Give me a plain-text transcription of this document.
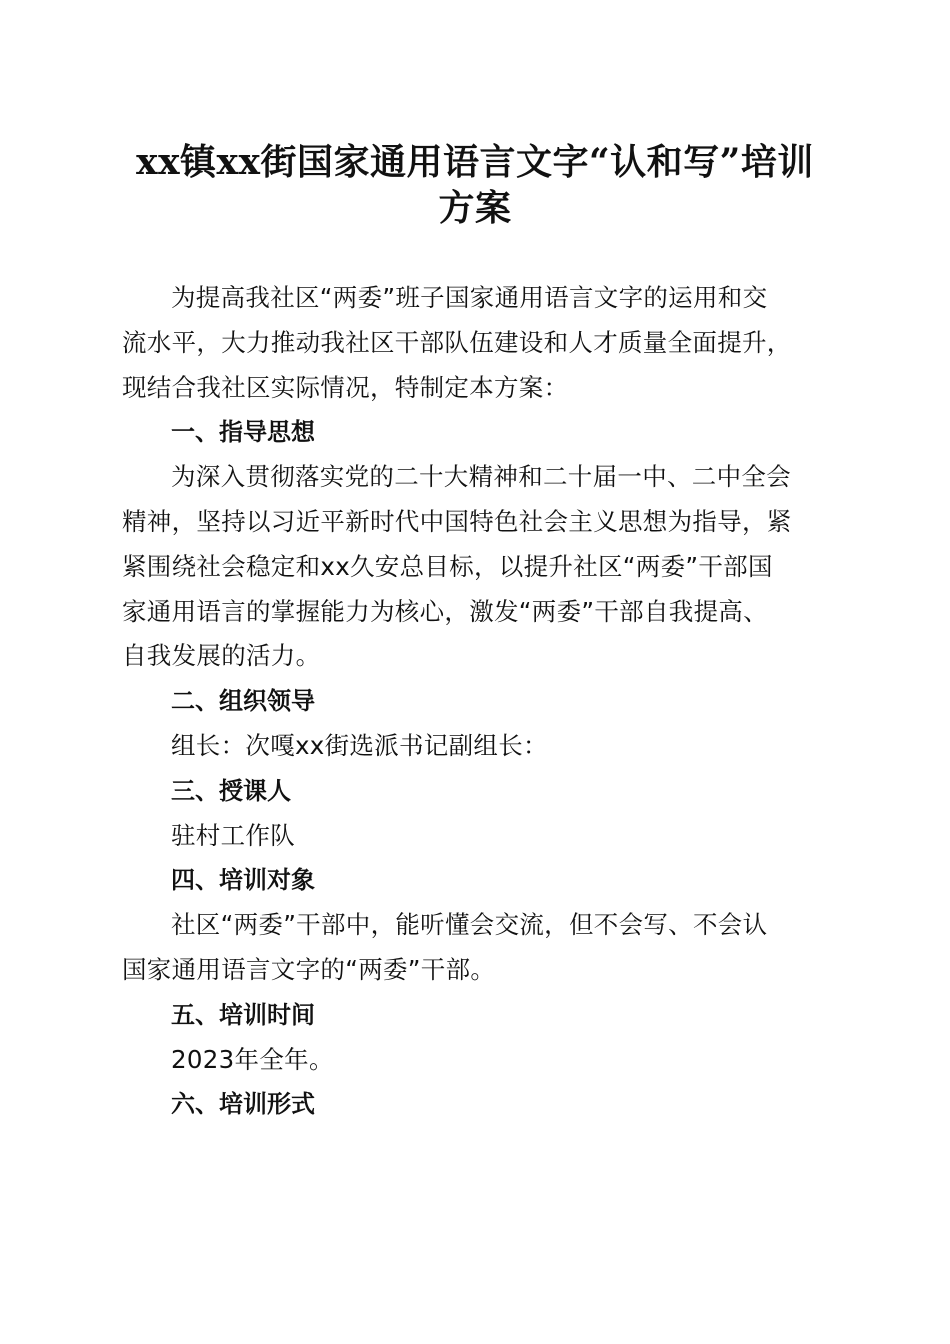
xx镇xx街国家通用语言文字“认和写”培训
方案

为提高我社区“两委”班子国家通用语言文字的运用和交
流水平，大力推动我社区干部队伍建设和人才质量全面提升，
现结合我社区实际情况，特制定本方案：

一、指导思想

为深入贯彻落实党的二十大精神和二十届一中、二中全会
精神，坚持以习近平新时代中国特色社会主义思想为指导，紧
紧围绕社会稳定和xx久安总目标，以提升社区“两委”干部国
家通用语言的掌握能力为核心，激发“两委”干部自我提高、
自我发展的活力。

二、组织领导

组长：次嘎xx街选派书记副组长：

三、授课人

驻村工作队

四、培训对象

社区“两委”干部中，能听懂会交流，但不会写、不会认
国家通用语言文字的“两委”干部。

五、培训时间

2023年全年。

六、培训形式
